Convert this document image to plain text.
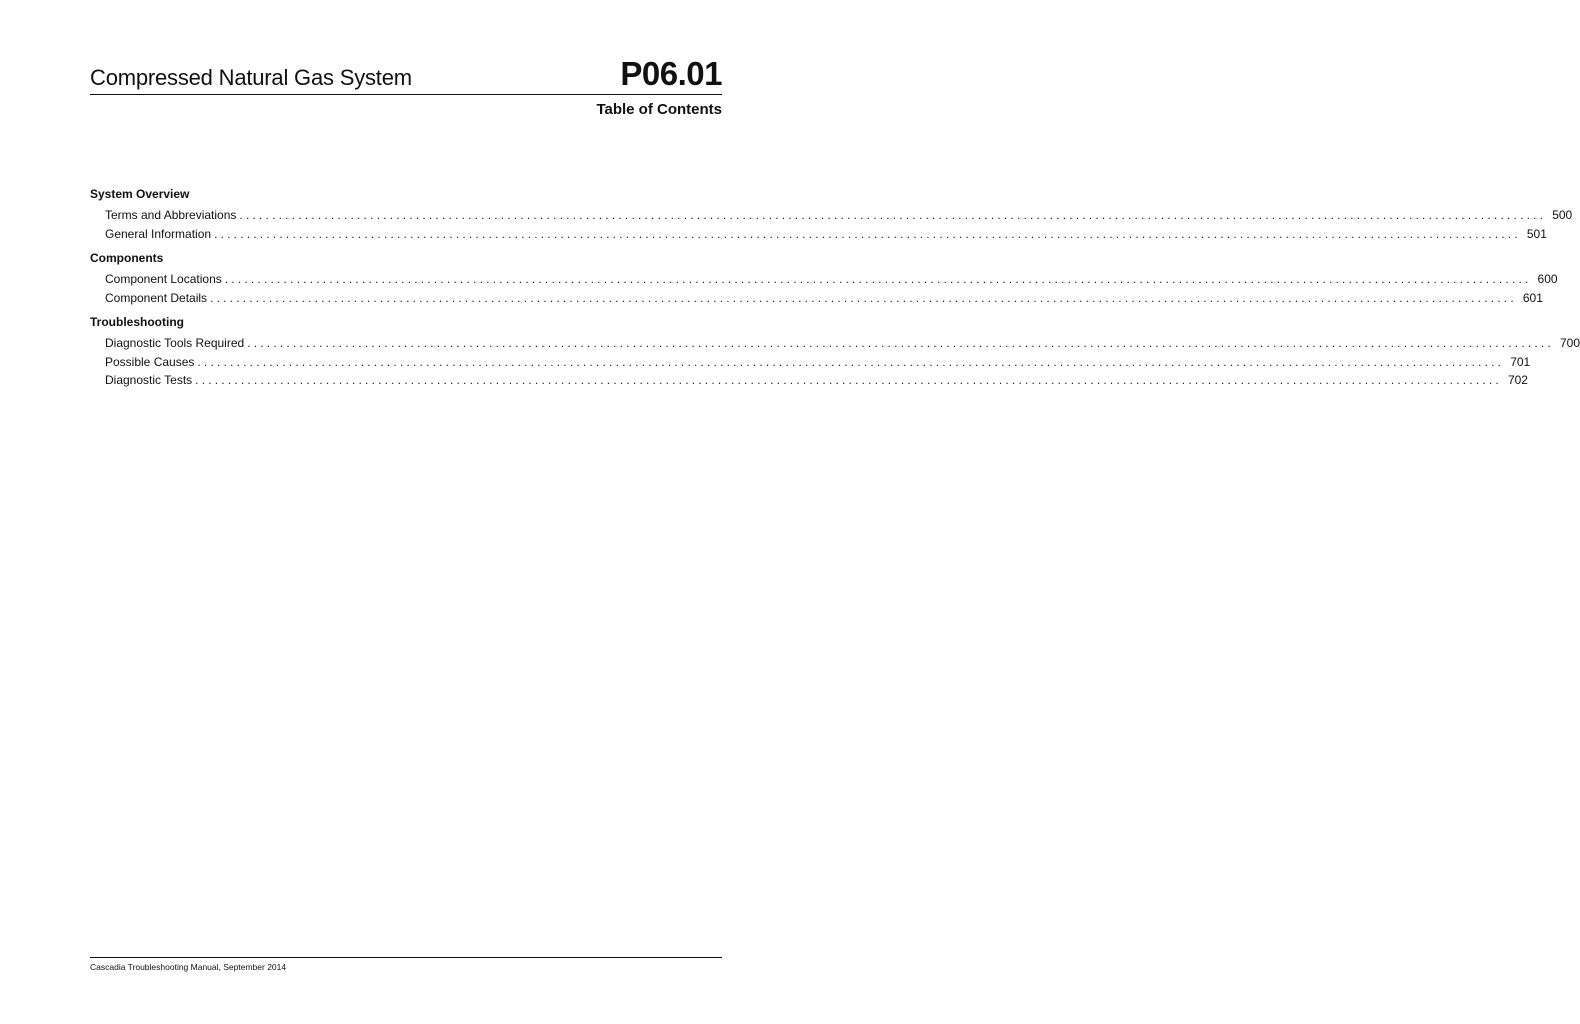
Compressed Natural Gas System	P06.01
Table of Contents
System Overview
Terms and Abbreviations ........................................................................................................................................................................................................ 500
General Information ........................................................................................................................................................................................................ 501
Components
Component Locations ........................................................................................................................................................................................................ 600
Component Details ........................................................................................................................................................................................................ 601
Troubleshooting
Diagnostic Tools Required ........................................................................................................................................................................................................ 700
Possible Causes ........................................................................................................................................................................................................ 701
Diagnostic Tests ........................................................................................................................................................................................................ 702
Cascadia Troubleshooting Manual, September 2014
